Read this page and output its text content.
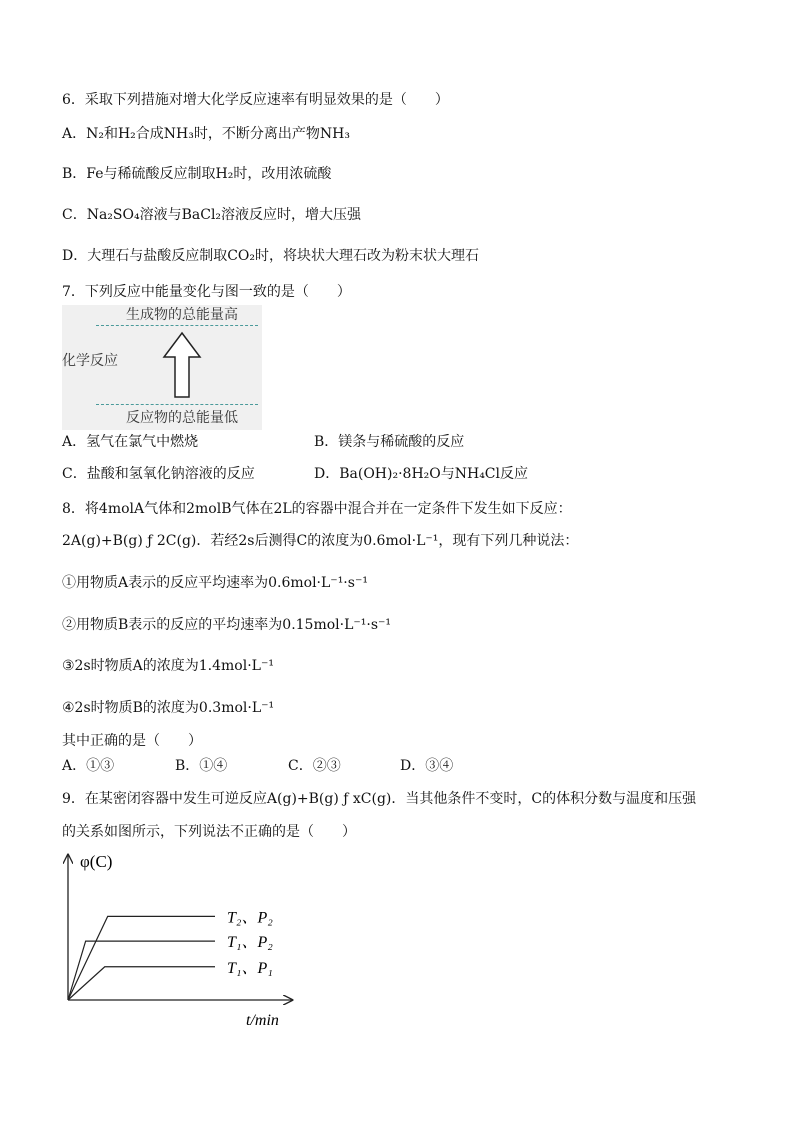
6．采取下列措施对增大化学反应速率有明显效果的是（　　）
A．N₂和H₂合成NH₃时，不断分离出产物NH₃
B．Fe与稀硫酸反应制取H₂时，改用浓硫酸
C．Na₂SO₄溶液与BaCl₂溶液反应时，增大压强
D．大理石与盐酸反应制取CO₂时，将块状大理石改为粉末状大理石
7．下列反应中能量变化与图一致的是（　　）
生成物的总能量高
化学反应
反应物的总能量低
A．氢气在氯气中燃烧	B．镁条与稀硫酸的反应
C．盐酸和氢氧化钠溶液的反应	D．Ba(OH)₂·8H₂O与NH₄Cl反应
8．将4molA气体和2molB气体在2L的容器中混合并在一定条件下发生如下反应：
2A(g)+B(g) ƒ 2C(g)．若经2s后测得C的浓度为0.6mol·L⁻¹，现有下列几种说法：
①用物质A表示的反应平均速率为0.6mol·L⁻¹·s⁻¹
②用物质B表示的反应的平均速率为0.15mol·L⁻¹·s⁻¹
③2s时物质A的浓度为1.4mol·L⁻¹
④2s时物质B的浓度为0.3mol·L⁻¹
其中正确的是（　　）
A．①③	B．①④	C．②③	D．③④
9．在某密闭容器中发生可逆反应A(g)+B(g) ƒ xC(g)．当其他条件不变时，C的体积分数与温度和压强
的关系如图所示，下列说法不正确的是（　　）
φ(C)
t/min
T₂、P₂
T₁、P₂
T₁、P₁
